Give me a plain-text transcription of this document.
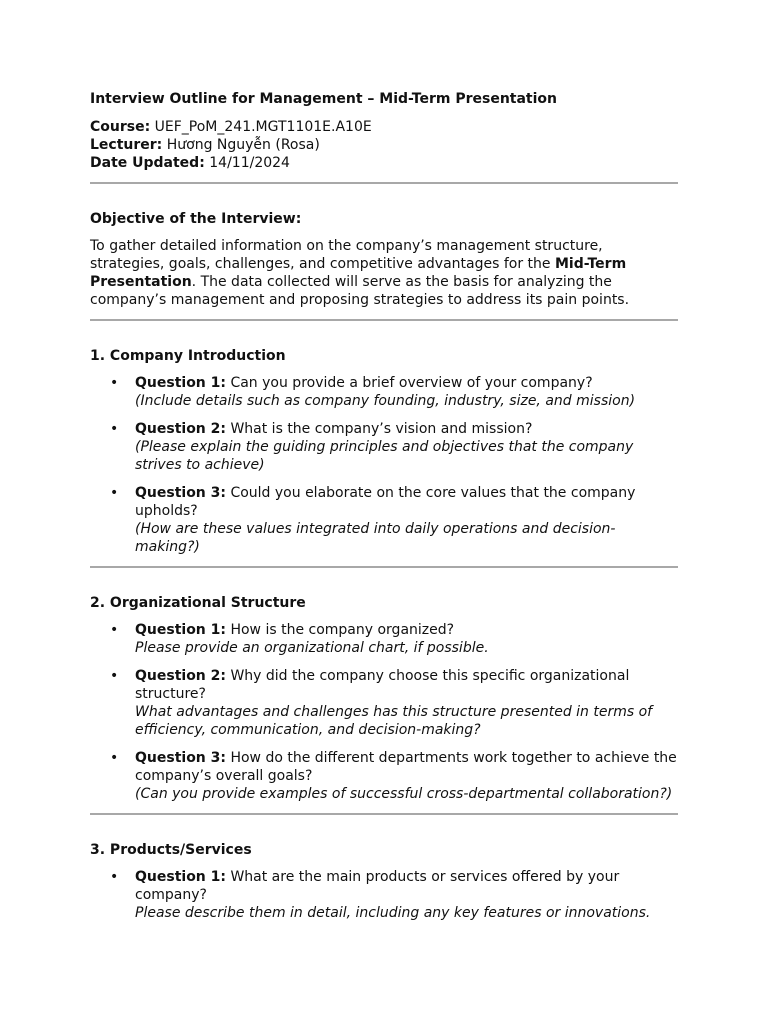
Interview Outline for Management – Mid-Term Presentation

Course: UEF_PoM_241.MGT1101E.A10E

Lecturer: Hương Nguyễn (Rosa)

Date Updated: 14/11/2024

Objective of the Interview:

To gather detailed information on the company’s management structure, strategies, goals, challenges, and competitive advantages for the Mid-Term Presentation. The data collected will serve as the basis for analyzing the company’s management and proposing strategies to address its pain points.

1. Company Introduction

• Question 1: Can you provide a brief overview of your company?
(Include details such as company founding, industry, size, and mission)
• Question 2: What is the company’s vision and mission?
(Please explain the guiding principles and objectives that the company strives to achieve)
• Question 3: Could you elaborate on the core values that the company upholds?
(How are these values integrated into daily operations and decision-making?)

2. Organizational Structure

• Question 1: How is the company organized?
Please provide an organizational chart, if possible.
• Question 2: Why did the company choose this specific organizational structure?
What advantages and challenges has this structure presented in terms of efficiency, communication, and decision-making?
• Question 3: How do the different departments work together to achieve the company’s overall goals?
(Can you provide examples of successful cross-departmental collaboration?)

3. Products/Services

• Question 1: What are the main products or services offered by your company?
Please describe them in detail, including any key features or innovations.
